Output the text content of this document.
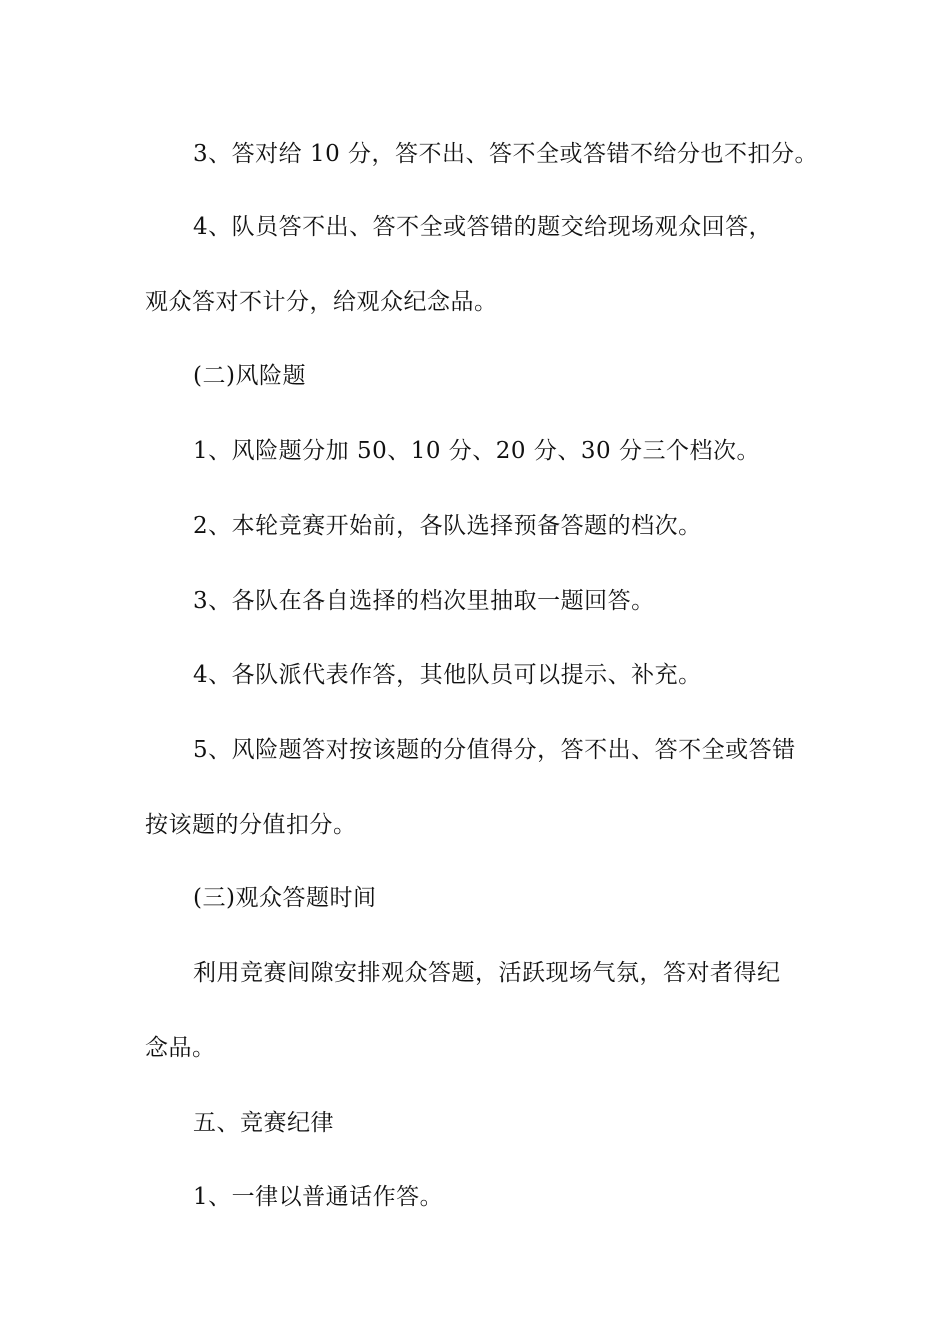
3、答对给 10 分，答不出、答不全或答错不给分也不扣分。
4、队员答不出、答不全或答错的题交给现场观众回答，
观众答对不计分，给观众纪念品。
(二)风险题
1、风险题分加 50、10 分、20 分、30 分三个档次。
2、本轮竞赛开始前，各队选择预备答题的档次。
3、各队在各自选择的档次里抽取一题回答。
4、各队派代表作答，其他队员可以提示、补充。
5、风险题答对按该题的分值得分，答不出、答不全或答错
按该题的分值扣分。
(三)观众答题时间
利用竞赛间隙安排观众答题，活跃现场气氛，答对者得纪
念品。
五、竞赛纪律
1、一律以普通话作答。
